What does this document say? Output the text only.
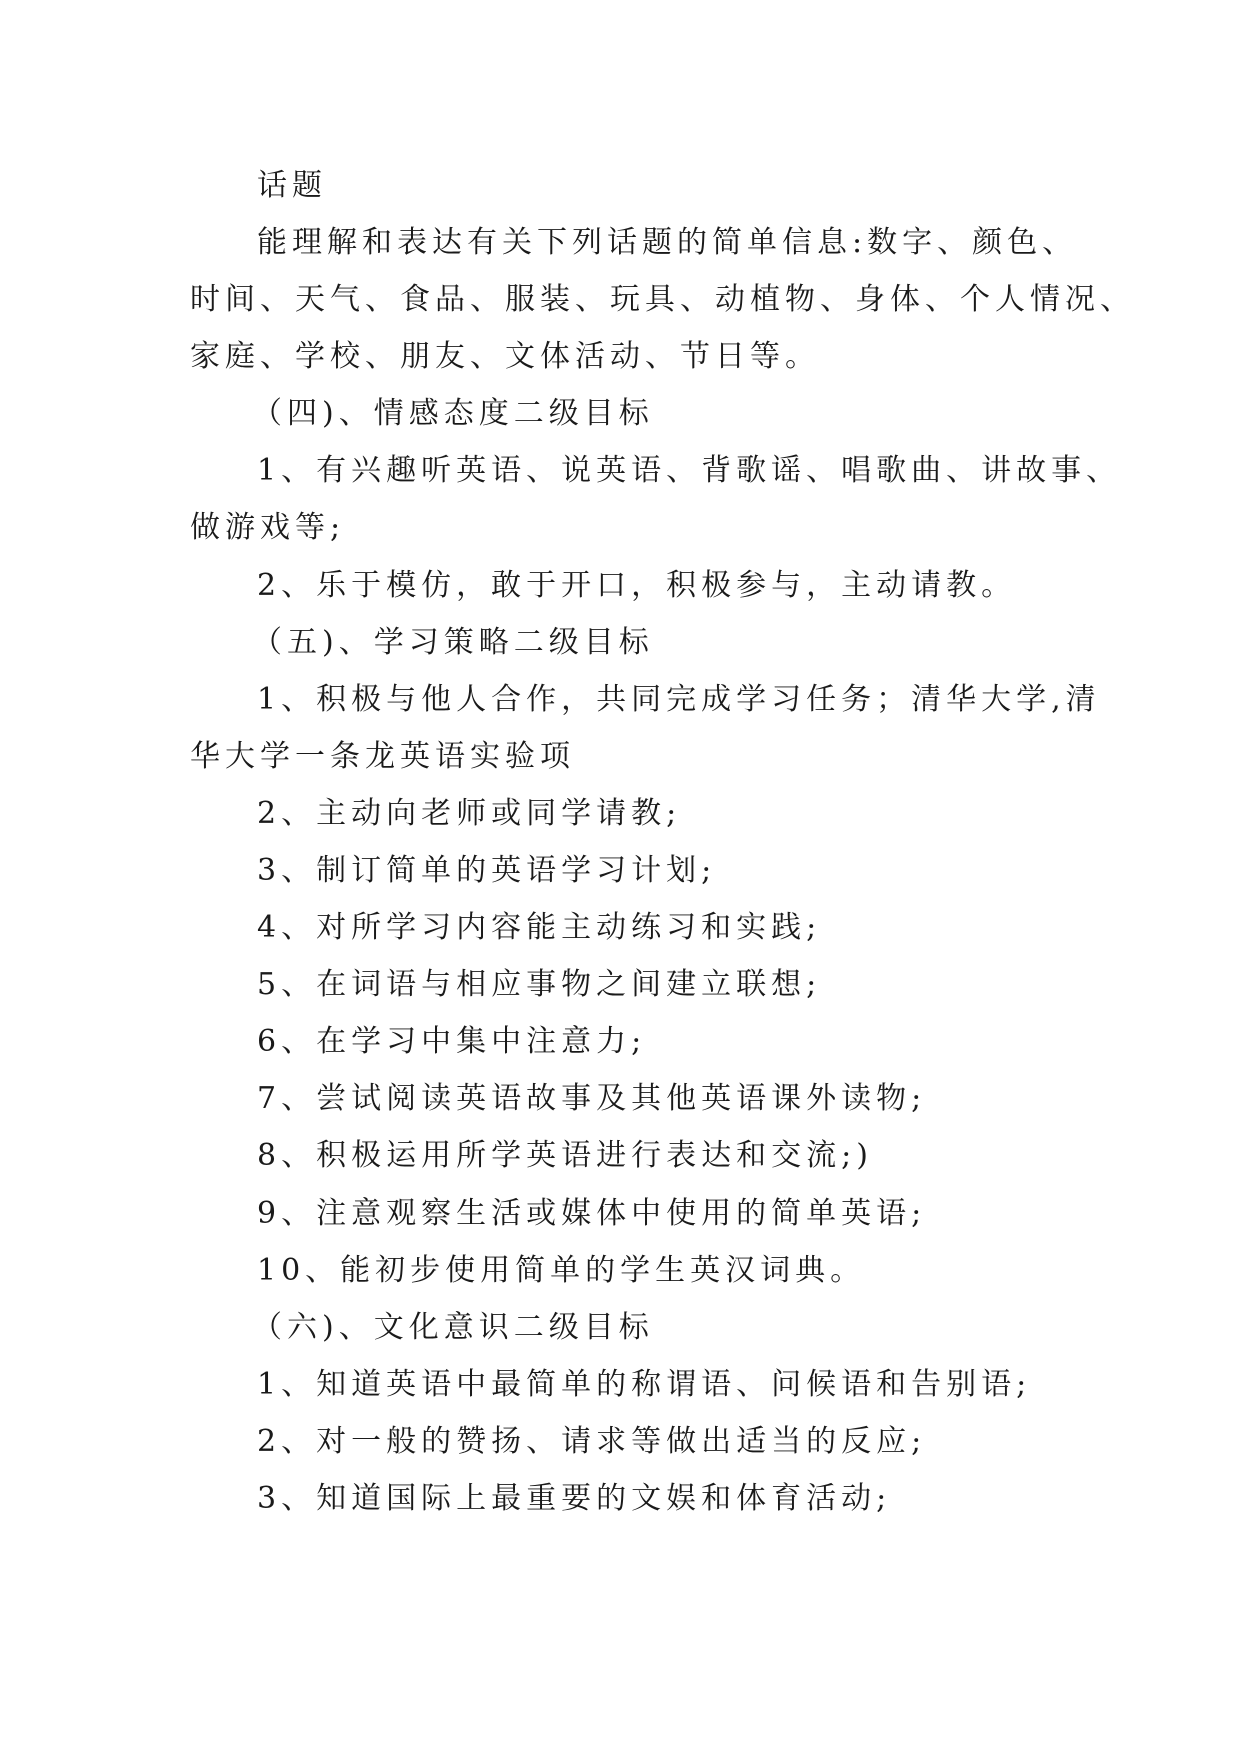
话题
能理解和表达有关下列话题的简单信息:数字、颜色、
时间、天气、食品、服装、玩具、动植物、身体、个人情况、
家庭、学校、朋友、文体活动、节日等。
（四)、情感态度二级目标
1、有兴趣听英语、说英语、背歌谣、唱歌曲、讲故事、
做游戏等;
2、乐于模仿，敢于开口，积极参与，主动请教。
（五)、学习策略二级目标
1、积极与他人合作，共同完成学习任务；清华大学,清
华大学一条龙英语实验项
2、主动向老师或同学请教;
3、制订简单的英语学习计划;
4、对所学习内容能主动练习和实践;
5、在词语与相应事物之间建立联想;
6、在学习中集中注意力;
7、尝试阅读英语故事及其他英语课外读物;
8、积极运用所学英语进行表达和交流;)
9、注意观察生活或媒体中使用的简单英语;
10、能初步使用简单的学生英汉词典。
（六)、文化意识二级目标
1、知道英语中最简单的称谓语、问候语和告别语;
2、对一般的赞扬、请求等做出适当的反应;
3、知道国际上最重要的文娱和体育活动;
